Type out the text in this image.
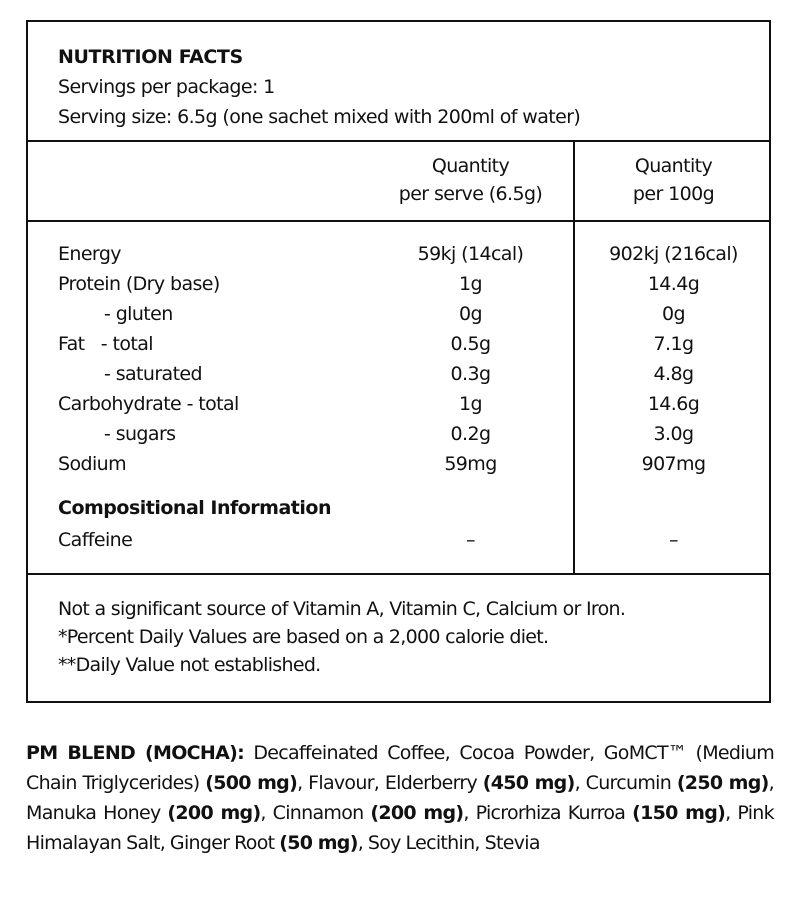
NUTRITION FACTS
Servings per package: 1
Serving size: 6.5g (one sachet mixed with 200ml of water)
Quantity
per serve (6.5g)
Quantity
per 100g
Energy	59kj (14cal)	902kj (216cal)
Protein (Dry base)	1g	14.4g
- gluten	0g	0g
Fat   - total	0.5g	7.1g
- saturated	0.3g	4.8g
Carbohydrate - total	1g	14.6g
- sugars	0.2g	3.0g
Sodium	59mg	907mg
Compositional Information
Caffeine	–	–
Not a significant source of Vitamin A, Vitamin C, Calcium or Iron.
*Percent Daily Values are based on a 2,000 calorie diet.
**Daily Value not established.
PM BLEND (MOCHA): Decaffeinated Coffee, Cocoa Powder, GoMCT™ (Medium Chain Triglycerides) (500 mg), Flavour, Elderberry (450 mg), Curcumin (250 mg), Manuka Honey (200 mg), Cinnamon (200 mg), Picrorhiza Kurroa (150 mg), Pink Himalayan Salt, Ginger Root (50 mg), Soy Lecithin, Stevia
